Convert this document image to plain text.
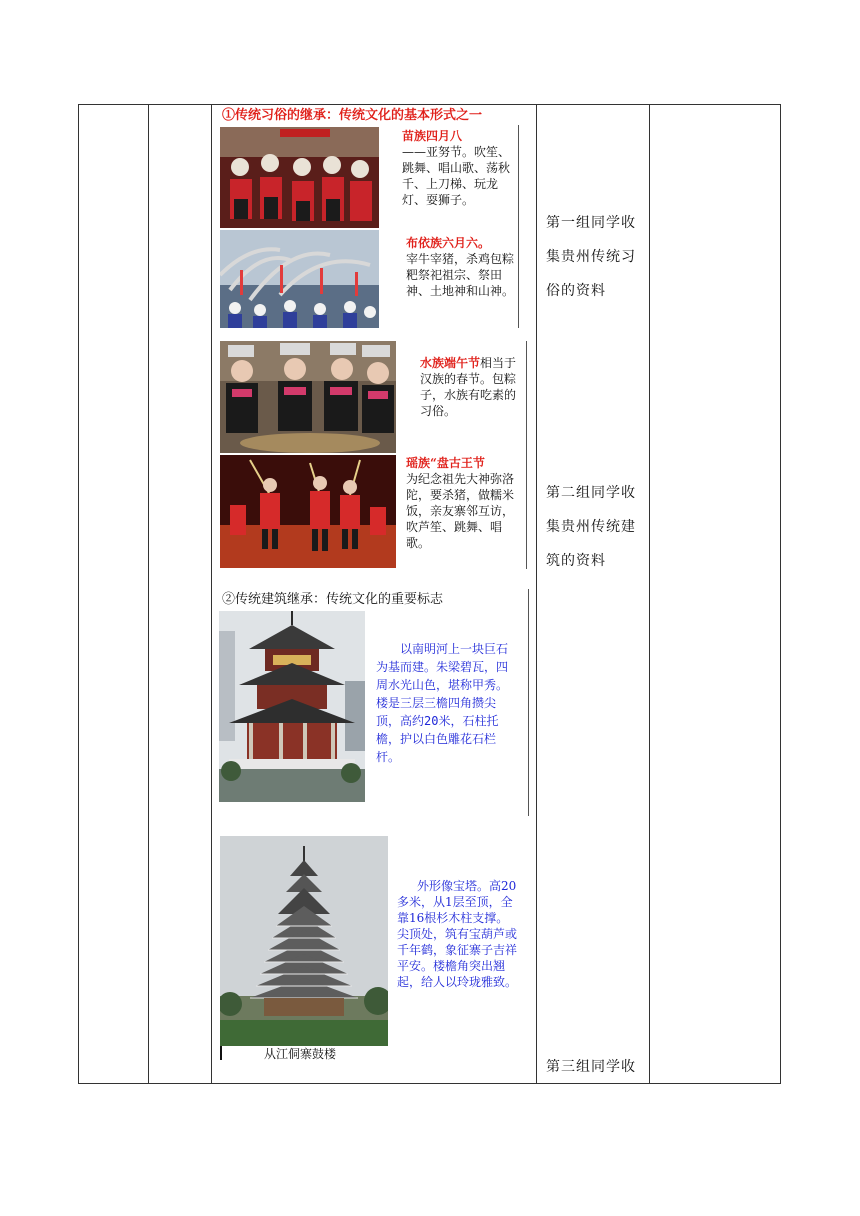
①传统习俗的继承：传统文化的基本形式之一
苗族四月八
——亚努节。吹笙、跳舞、唱山歌、荡秋千、上刀梯、玩龙灯、耍狮子。
布依族六月六。
宰牛宰猪，杀鸡包粽粑祭祀祖宗、祭田神、土地神和山神。
水族端午节相当于汉族的春节。包粽子，水族有吃素的习俗。
瑶族“盘古王节
为纪念祖先大神弥洛陀，要杀猪，做糯米饭，亲友寨邻互访，吹芦笙、跳舞、唱歌。
②传统建筑继承：传统文化的重要标志
以南明河上一块巨石为基而建。朱梁碧瓦，四周水光山色，堪称甲秀。楼是三层三檐四角攒尖顶，高约20米，石柱托檐，护以白色雕花石栏杆。
外形像宝塔。高20多米，从1层至顶，全靠16根杉木柱支撑。尖顶处，筑有宝葫芦或千年鹤，象征寨子吉祥平安。楼檐角突出翘起，给人以玲珑雅致。
从江侗寨鼓楼
第一组同学收集贵州传统习俗的资料
第二组同学收集贵州传统建筑的资料
第三组同学收
